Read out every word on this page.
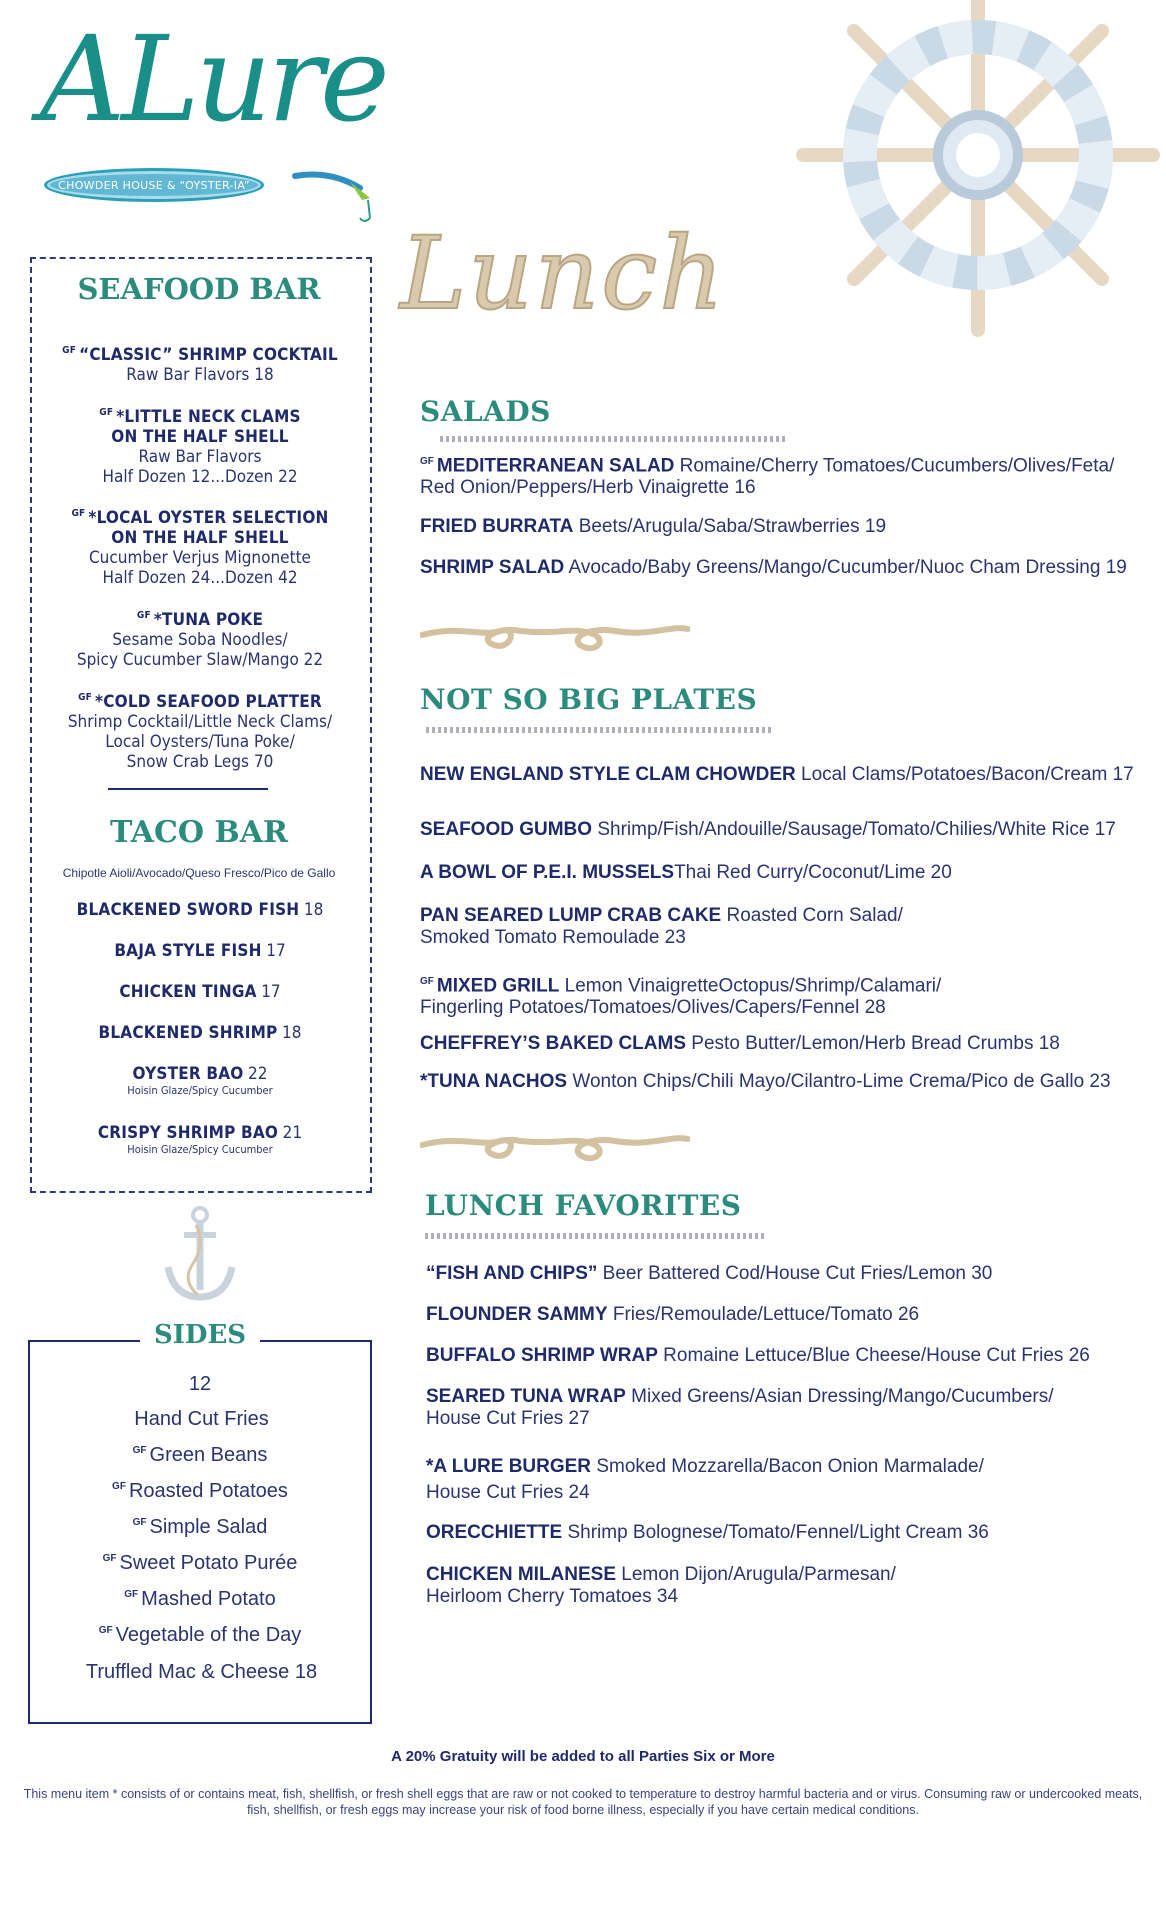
ALure
CHOWDER HOUSE & “OYSTER-IA”
Lunch
SEAFOOD BAR
$^{GF}$ “CLASSIC” SHRIMP COCKTAIL
Raw Bar Flavors 18
$^{GF}$ *LITTLE NECK CLAMS
ON THE HALF SHELL
Raw Bar Flavors
Half Dozen 12...Dozen 22
$^{GF}$ *LOCAL OYSTER SELECTION
ON THE HALF SHELL
Cucumber Verjus Mignonette
Half Dozen 24...Dozen 42
$^{GF}$ *TUNA POKE
Sesame Soba Noodles/
Spicy Cucumber Slaw/Mango 22
$^{GF}$ *COLD SEAFOOD PLATTER
Shrimp Cocktail/Little Neck Clams/
Local Oysters/Tuna Poke/
Snow Crab Legs 70
TACO BAR
Chipotle Aioli/Avocado/Queso Fresco/Pico de Gallo
BLACKENED SWORD FISH 18
BAJA STYLE FISH 17
CHICKEN TINGA 17
BLACKENED SHRIMP 18
OYSTER BAO 22
Hoisin Glaze/Spicy Cucumber
CRISPY SHRIMP BAO 21
Hoisin Glaze/Spicy Cucumber
SIDES
12
Hand Cut Fries
$^{GF}$ Green Beans
$^{GF}$ Roasted Potatoes
$^{GF}$ Simple Salad
$^{GF}$ Sweet Potato Purée
$^{GF}$ Mashed Potato
$^{GF}$ Vegetable of the Day
Truffled Mac & Cheese 18
SALADS
$^{GF}$ MEDITERRANEAN SALAD Romaine/Cherry Tomatoes/Cucumbers/Olives/Feta/
Red Onion/Peppers/Herb Vinaigrette 16
FRIED BURRATA Beets/Arugula/Saba/Strawberries 19
SHRIMP SALAD Avocado/Baby Greens/Mango/Cucumber/Nuoc Cham Dressing 19
NOT SO BIG PLATES
NEW ENGLAND STYLE CLAM CHOWDER Local Clams/Potatoes/Bacon/Cream 17
SEAFOOD GUMBO Shrimp/Fish/Andouille/Sausage/Tomato/Chilies/White Rice 17
A BOWL OF P.E.I. MUSSELSThai Red Curry/Coconut/Lime 20
PAN SEARED LUMP CRAB CAKE Roasted Corn Salad/
Smoked Tomato Remoulade 23
$^{GF}$ MIXED GRILL Lemon VinaigretteOctopus/Shrimp/Calamari/
Fingerling Potatoes/Tomatoes/Olives/Capers/Fennel 28
CHEFFREY’S BAKED CLAMS Pesto Butter/Lemon/Herb Bread Crumbs 18
*TUNA NACHOS Wonton Chips/Chili Mayo/Cilantro-Lime Crema/Pico de Gallo 23
LUNCH FAVORITES
“FISH AND CHIPS” Beer Battered Cod/House Cut Fries/Lemon 30
FLOUNDER SAMMY Fries/Remoulade/Lettuce/Tomato 26
BUFFALO SHRIMP WRAP Romaine Lettuce/Blue Cheese/House Cut Fries 26
SEARED TUNA WRAP Mixed Greens/Asian Dressing/Mango/Cucumbers/
House Cut Fries 27
*A LURE BURGER Smoked Mozzarella/Bacon Onion Marmalade/
House Cut Fries 24
ORECCHIETTE Shrimp Bolognese/Tomato/Fennel/Light Cream 36
CHICKEN MILANESE Lemon Dijon/Arugula/Parmesan/
Heirloom Cherry Tomatoes 34
A 20% Gratuity will be added to all Parties Six or More
This menu item * consists of or contains meat, fish, shellfish, or fresh shell eggs that are raw or not cooked to temperature to destroy harmful bacteria and or virus. Consuming raw or undercooked meats, fish, shellfish, or fresh eggs may increase your risk of food borne illness, especially if you have certain medical conditions.
